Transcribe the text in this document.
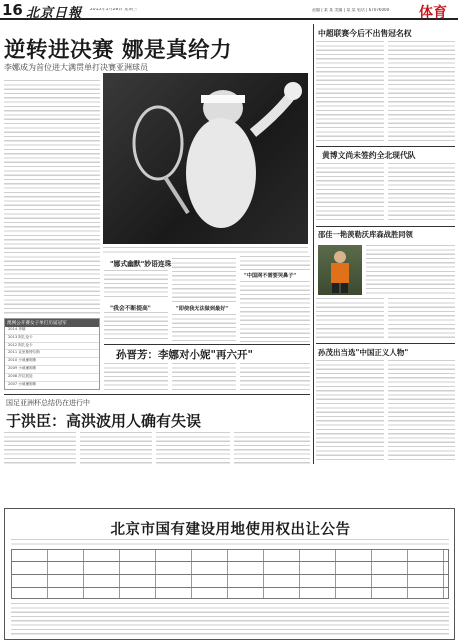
16 北京日報 2015年1月28日 星期三	责编 | 某 某 美编 | 某 某 电话 | 67076000	体育
逆转进决赛 娜是真给力
李娜成为首位进大满贯单打决赛亚洲球员
"娜式幽默"妙语连珠
"我会不断提高"	"即使我无法做到最好"
"中国网不需要哭鼻子"
澳网公开赛女子单打历届冠军
2014 李娜
2013 阿扎伦卡
2012 阿扎伦卡
2011 克里斯特尔斯
2010 小威廉姆斯
2009 小威廉姆斯
2008 莎拉波娃
2007 小威廉姆斯
孙晋芳：李娜对小妮"再六开"
中超联赛今后不出售冠名权
黄博文尚未签约全北现代队
邵佳一艳羡勒沃库森战胜同领
孙茂出当选"中国正义人物"
国足亚洲杯总结仍在进行中
于洪臣：高洪波用人确有失误
北京市国有建设用地使用权出让公告
